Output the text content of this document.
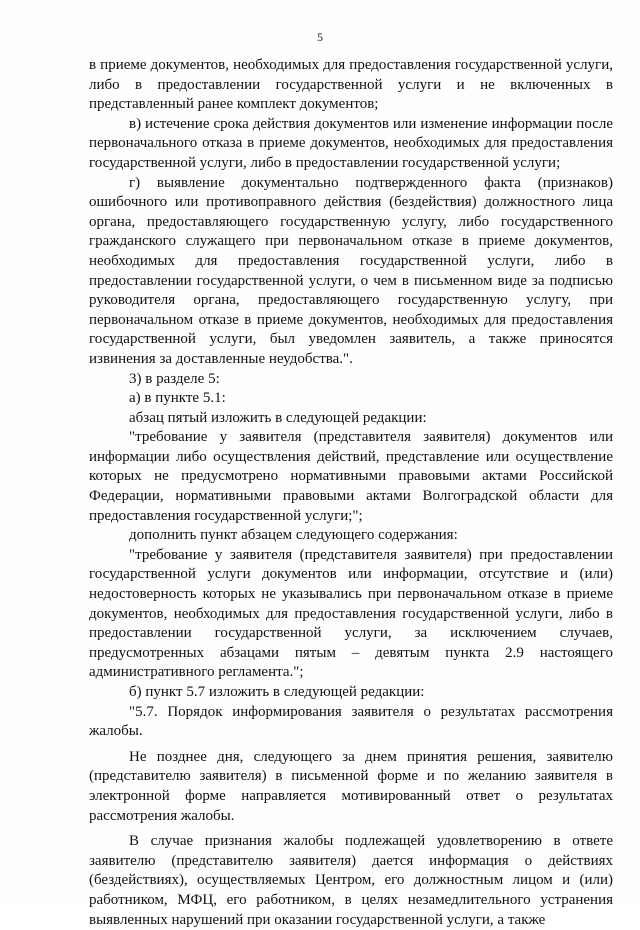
5

в приеме документов, необходимых для предоставления государственной услуги, либо в предоставлении государственной услуги и не включенных в представленный ранее комплект документов;

в) истечение срока действия документов или изменение информации после первоначального отказа в приеме документов, необходимых для предоставления государственной услуги, либо в предоставлении государственной услуги;

г) выявление документально подтвержденного факта (признаков) ошибочного или противоправного действия (бездействия) должностного лица органа, предоставляющего государственную услугу, либо государственного гражданского служащего при первоначальном отказе в приеме документов, необходимых для предоставления государственной услуги, либо в предоставлении государственной услуги, о чем в письменном виде за подписью руководителя органа, предоставляющего государственную услугу, при первоначальном отказе в приеме документов, необходимых для предоставления государственной услуги, был уведомлен заявитель, а также приносятся извинения за доставленные неудобства.".

3) в разделе 5:

а) в пункте 5.1:

абзац пятый изложить в следующей редакции:

"требование у заявителя (представителя заявителя) документов или информации либо осуществления действий, представление или осуществление которых не предусмотрено нормативными правовыми актами Российской Федерации, нормативными правовыми актами Волгоградской области для предоставления государственной услуги;";

дополнить пункт абзацем следующего содержания:

"требование у заявителя (представителя заявителя) при предоставлении государственной услуги документов или информации, отсутствие и (или) недостоверность которых не указывались при первоначальном отказе в приеме документов, необходимых для предоставления государственной услуги, либо в предоставлении государственной услуги, за исключением случаев, предусмотренных абзацами пятым – девятым пункта 2.9 настоящего административного регламента.";

б) пункт 5.7 изложить в следующей редакции:

"5.7. Порядок информирования заявителя о результатах рассмотрения жалобы.

Не позднее дня, следующего за днем принятия решения, заявителю (представителю заявителя) в письменной форме и по желанию заявителя в электронной форме направляется мотивированный ответ о результатах рассмотрения жалобы.

В случае признания жалобы подлежащей удовлетворению в ответе заявителю (представителю заявителя) дается информация о действиях (бездействиях), осуществляемых Центром, его должностным лицом и (или) работником, МФЦ, его работником, в целях незамедлительного устранения выявленных нарушений при оказании государственной услуги, а также
